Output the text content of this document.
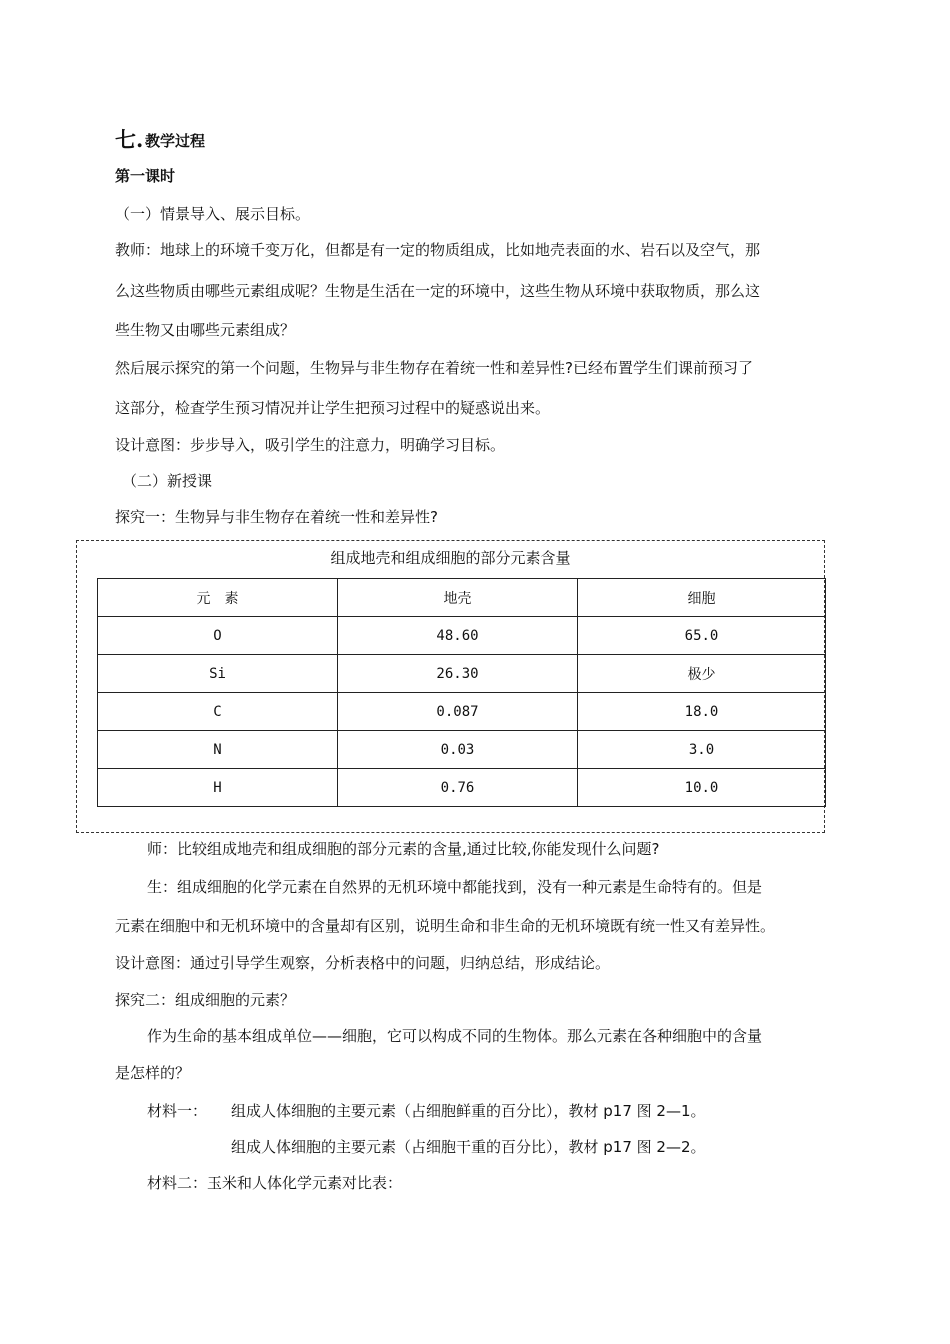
七. 教学过程
第一课时
（一）情景导入、展示目标。
教师：地球上的环境千变万化，但都是有一定的物质组成，比如地壳表面的水、岩石以及空气，那
么这些物质由哪些元素组成呢？生物是生活在一定的环境中，这些生物从环境中获取物质，那么这
些生物又由哪些元素组成？
然后展示探究的第一个问题，生物异与非生物存在着统一性和差异性?已经布置学生们课前预习了
这部分，检查学生预习情况并让学生把预习过程中的疑惑说出来。
设计意图：步步导入，吸引学生的注意力，明确学习目标。
（二）新授课
探究一：生物异与非生物存在着统一性和差异性?
组成地壳和组成细胞的部分元素含量
元　素	地壳	细胞
O	48.60	65.0
Si	26.30	极少
C	0.087	18.0
N	0.03	3.0
H	0.76	10.0
师：比较组成地壳和组成细胞的部分元素的含量,通过比较,你能发现什么问题?
生：组成细胞的化学元素在自然界的无机环境中都能找到，没有一种元素是生命特有的。但是
元素在细胞中和无机环境中的含量却有区别，说明生命和非生命的无机环境既有统一性又有差异性。
设计意图：通过引导学生观察，分析表格中的问题，归纳总结，形成结论。
探究二：组成细胞的元素？
作为生命的基本组成单位——细胞，它可以构成不同的生物体。那么元素在各种细胞中的含量
是怎样的？
材料一： 组成人体细胞的主要元素（占细胞鲜重的百分比），教材 p17 图 2—1。
组成人体细胞的主要元素（占细胞干重的百分比），教材 p17 图 2—2。
材料二：玉米和人体化学元素对比表：
